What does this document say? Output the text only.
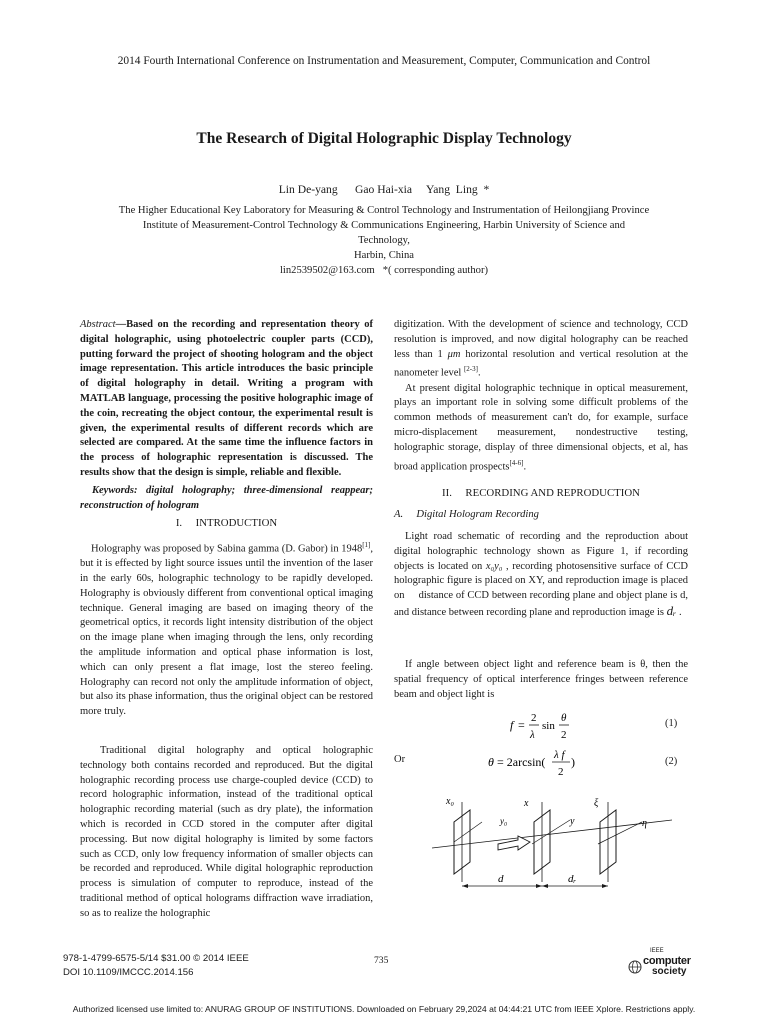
2014 Fourth International Conference on Instrumentation and Measurement, Computer, Communication and Control
The Research of Digital Holographic Display Technology
Lin De-yang      Gao Hai-xia     Yang  Ling  *
The Higher Educational Key Laboratory for Measuring & Control Technology and Instrumentation of Heilongjiang Province
Institute of Measurement-Control Technology & Communications Engineering, Harbin University of Science and Technology,
Harbin, China
lin2539502@163.com   *( corresponding author)

Abstract—Based on the recording and representation theory of digital holographic, using photoelectric coupler parts (CCD), putting forward the project of shooting hologram and the object image representation. This article introduces the basic principle of digital holography in detail. Writing a program with MATLAB language, processing the positive holographic image of the coin, recreating the object contour, the experimental result is given, the experimental results of different records which are selected are compared. At the same time the influence factors in the process of holographic representation is discussed. The results show that the design is simple, reliable and flexible.

Keywords: digital holography; three-dimensional reappear; reconstruction of hologram
I.     INTRODUCTION

Holography was proposed by Sabina gamma (D. Gabor) in 1948[1], but it is effected by light source issues until the invention of the laser in the early 60s, holographic technology to be rapidly developed. Holography is obviously different from conventional optical imaging technique. General imaging are based on imaging theory of the geometrical optics, it records light intensity distribution of the object on the image plane when imaging through the lens, only recording the amplitude information and optical phase information is lost, which can only present a flat image, lost the stereo feeling. Holography can record not only the amplitude information of object, but also its phase information, thus the original object can be restored more truly.

Traditional digital holography and optical holographic technology both contains recorded and reproduced. But the digital holographic recording process use charge-coupled device (CCD) to record holographic information, instead of the traditional optical holographic recording material (such as dry plate), the information which is recorded in CCD stored in the computer after digital processing. But now digital holography is limited by some factors such as CCD, only low frequency information of smaller objects can be recorded and reproduced. While digital holographic reproduction process is simulation of computer to reproduce, instead of the traditional method of optical holograms diffraction wave irradiation, so as to realize the holographic

digitization. With the development of science and technology, CCD resolution is improved, and now digital holography can be reached less than 1 μm horizontal resolution and vertical resolution at the nanometer level [2-3].

At present digital holographic technique in optical measurement, plays an important role in solving some difficult problems of the common methods of measurement can't do, for example, surface micro-displacement measurement, nondestructive testing, holographic storage, display of three dimensional objects, et al, has broad application prospects[4-6].

II.     RECORDING AND REPRODUCTION
A.     Digital Hologram Recording

Light road schematic of recording and the reproduction about digital holographic technology shown as Figure 1, if recording objects is located on x₀y₀ , recording photosensitive surface of CCD holographic figure is placed on XY, and reproduction image is placed on     distance of CCD between recording plane and object plane is d, and distance between recording plane and reproduction image is dᵣ .

If angle between object light and reference beam is θ, then the spatial frequency of optical interference fringes between reference beam and object light is

f = 2
λ
sin
θ
2
(1)
Or	θ = 2arcsin( λ f
2
)	(2)
x₀	x	ξ
y₀	y	η
d	dᵣ
978-1-4799-6575-5/14 $31.00 © 2014 IEEE
DOI 10.1109/IMCCC.2014.156
735
IEEE
computer
society
Authorized licensed use limited to: ANURAG GROUP OF INSTITUTIONS. Downloaded on February 29,2024 at 04:44:21 UTC from IEEE Xplore. Restrictions apply.
